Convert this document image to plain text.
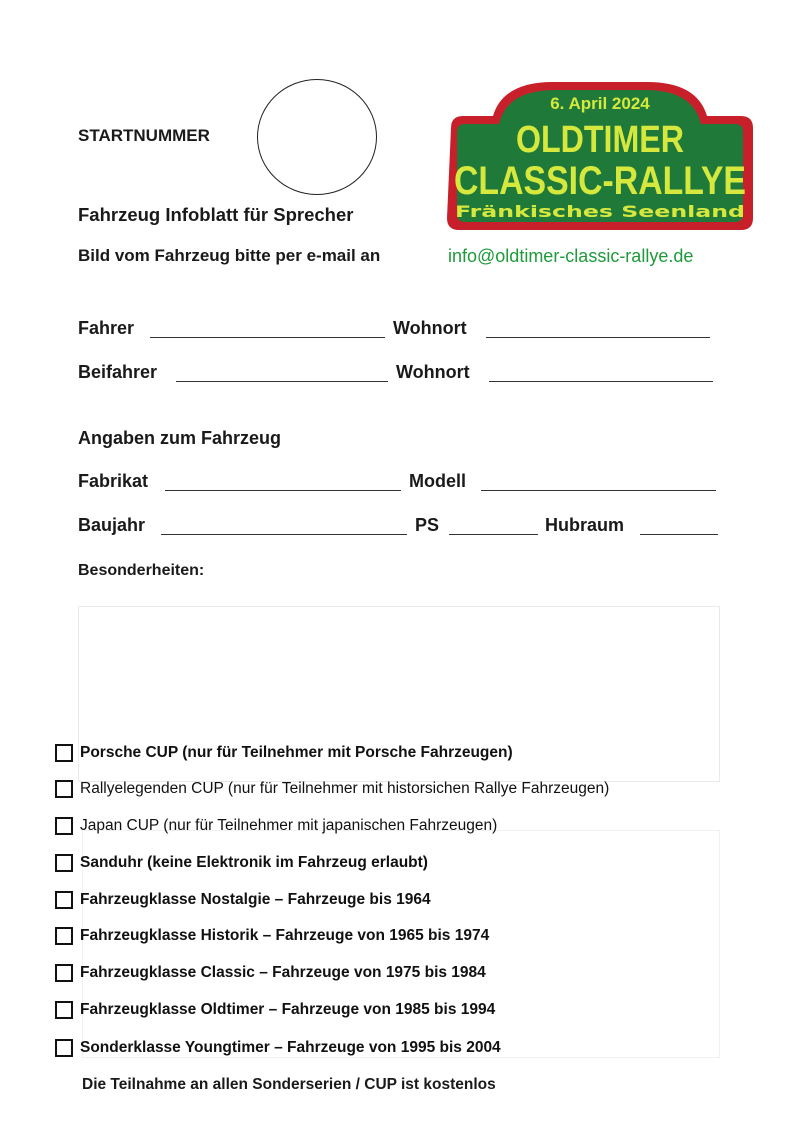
STARTNUMMER
6. April 2024
OLDTIMER
CLASSIC-RALLYE
Fränkisches Seenland
Fahrzeug Infoblatt für Sprecher
Bild vom Fahrzeug bitte per e-mail an	info@oldtimer-classic-rallye.de
Fahrer	Wohnort
Beifahrer	Wohnort
Angaben zum Fahrzeug
Fabrikat	Modell
Baujahr	PS	Hubraum
Besonderheiten:
Porsche CUP (nur für Teilnehmer mit Porsche Fahrzeugen)
Rallyelegenden CUP (nur für Teilnehmer mit historsichen Rallye Fahrzeugen)
Japan CUP (nur für Teilnehmer mit japanischen Fahrzeugen)
Sanduhr (keine Elektronik im Fahrzeug erlaubt)
Fahrzeugklasse Nostalgie – Fahrzeuge bis 1964
Fahrzeugklasse Historik – Fahrzeuge von 1965 bis 1974
Fahrzeugklasse Classic – Fahrzeuge von 1975 bis 1984
Fahrzeugklasse Oldtimer – Fahrzeuge von 1985 bis 1994
Sonderklasse Youngtimer – Fahrzeuge von 1995 bis 2004
Die Teilnahme an allen Sonderserien / CUP ist kostenlos
